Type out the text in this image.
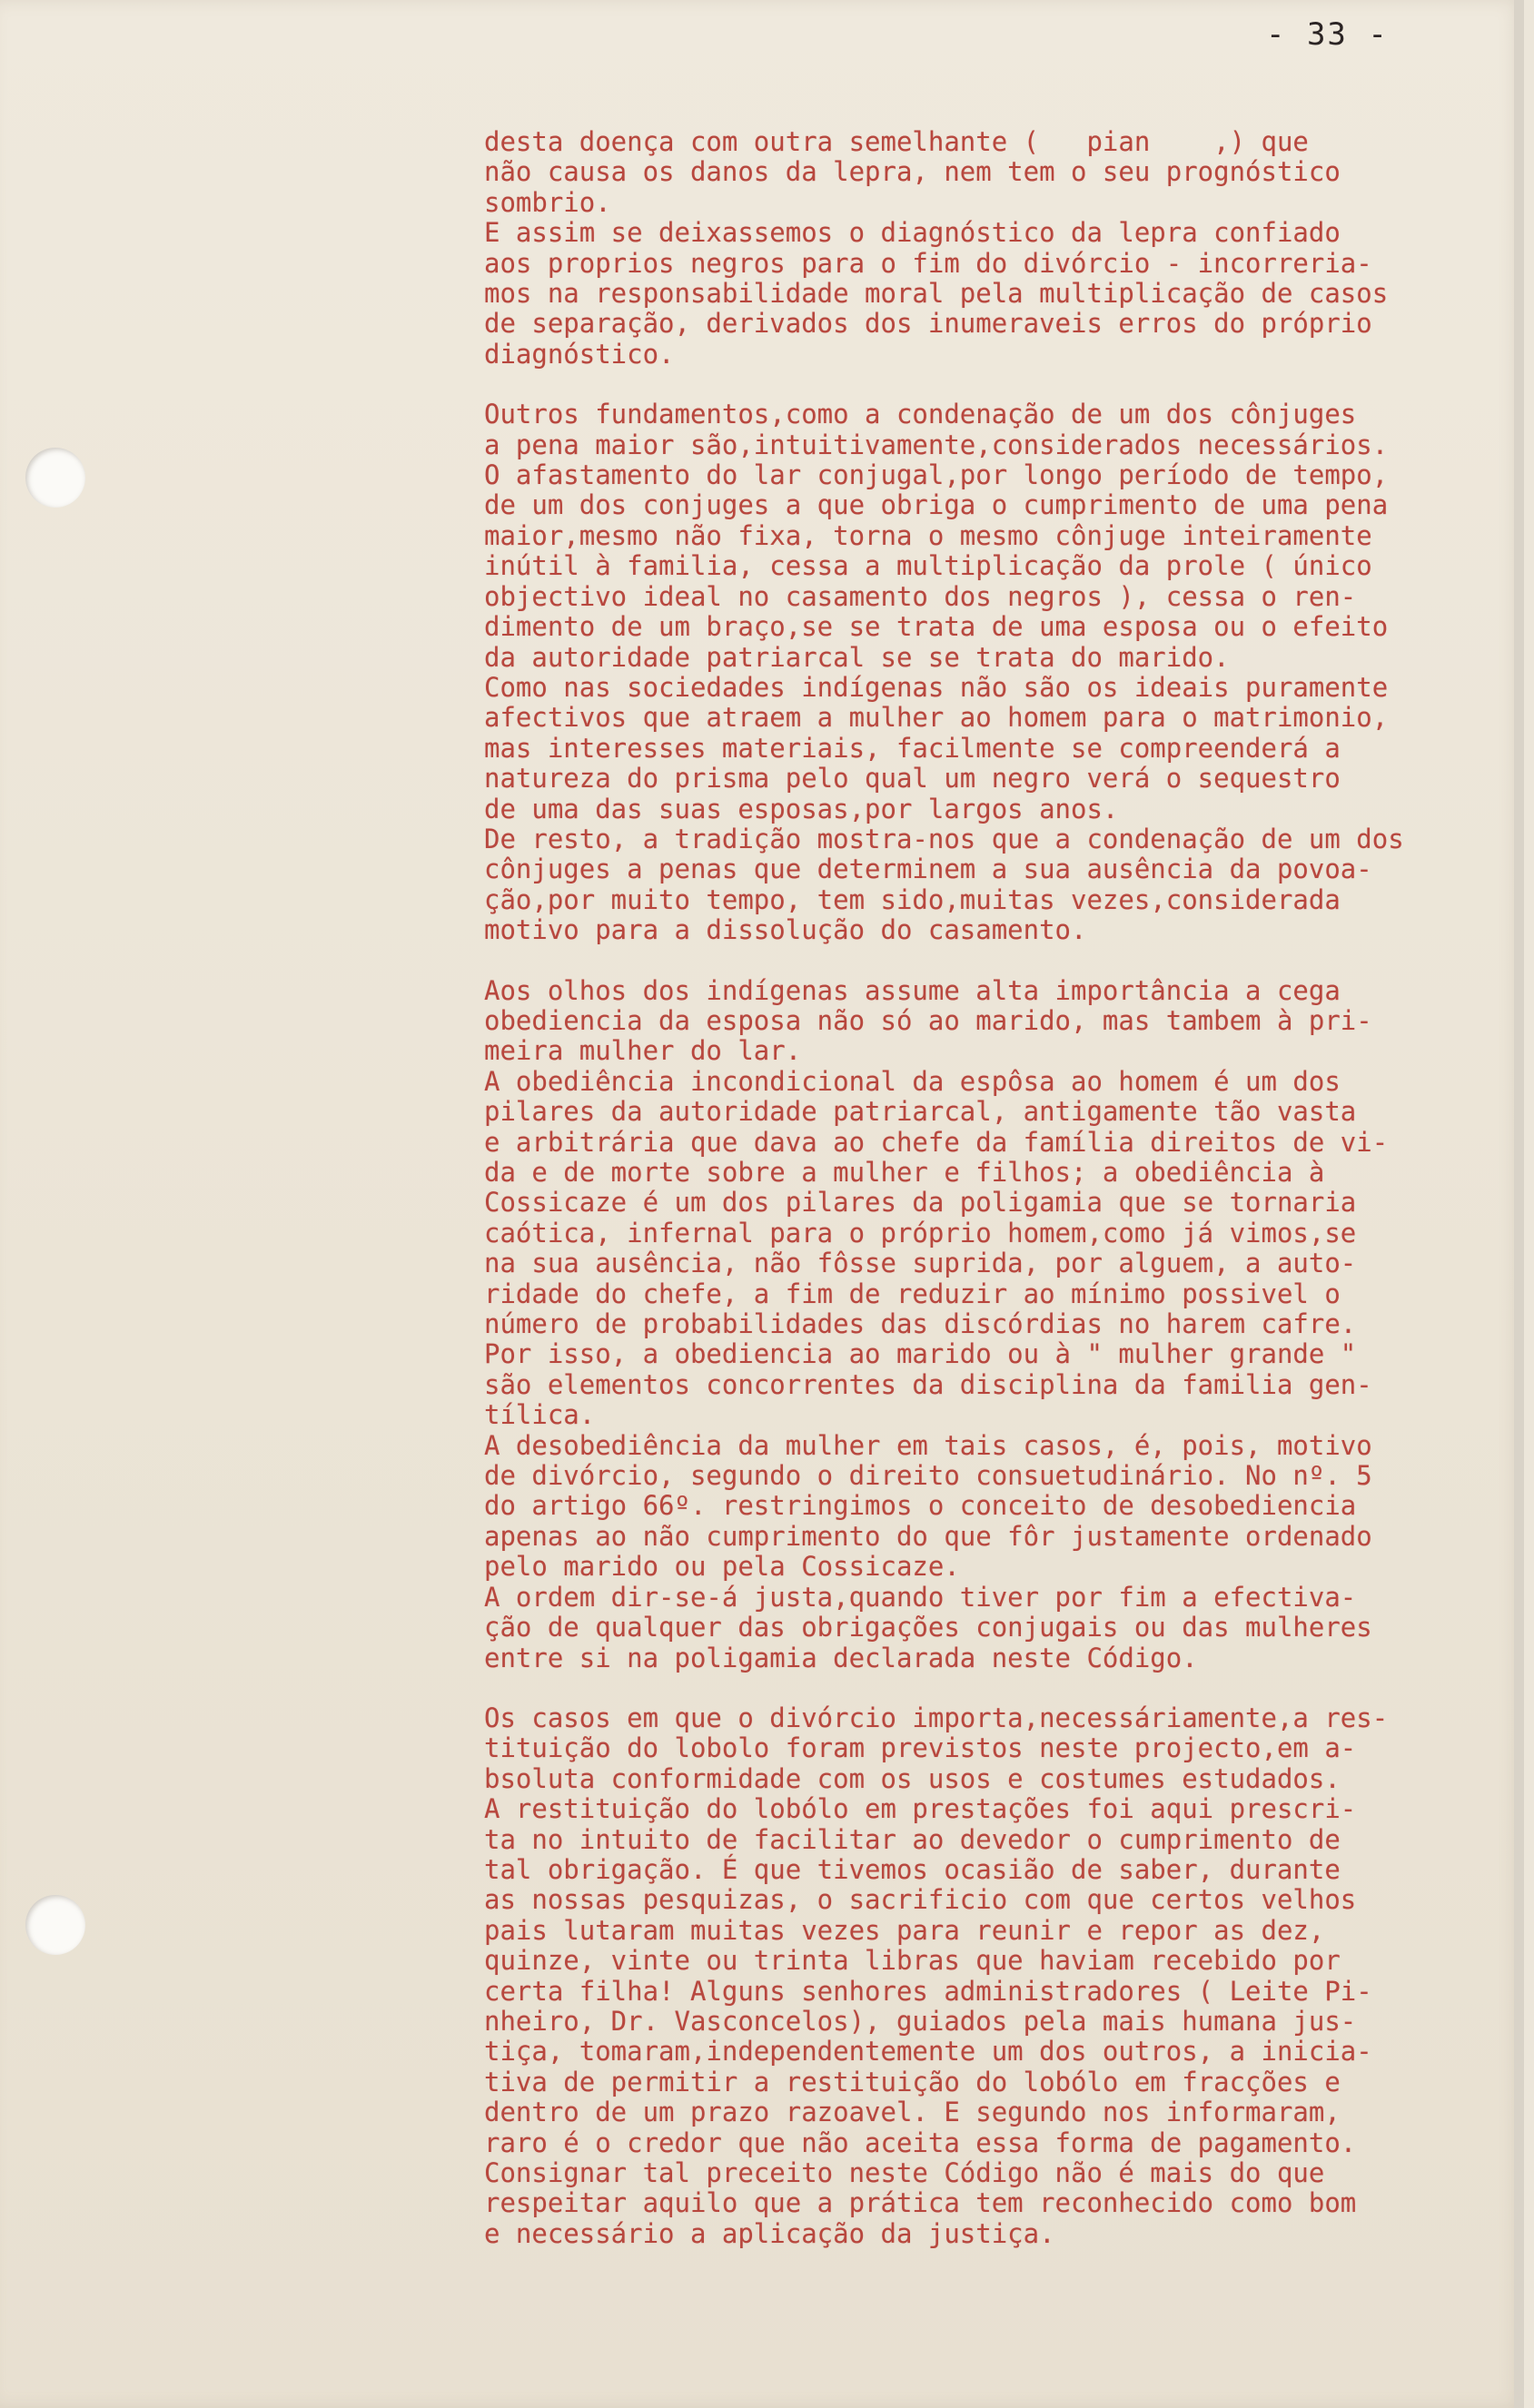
- 33 -

desta doença com outra semelhante (   pian    ,) que
não causa os danos da lepra, nem tem o seu prognóstico
sombrio.
E assim se deixassemos o diagnóstico da lepra confiado
aos proprios negros para o fim do divórcio - incorreria-
mos na responsabilidade moral pela multiplicação de casos
de separação, derivados dos inumeraveis erros do próprio
diagnóstico.

Outros fundamentos,como a condenação de um dos cônjuges
a pena maior são,intuitivamente,considerados necessários.
O afastamento do lar conjugal,por longo período de tempo,
de um dos conjuges a que obriga o cumprimento de uma pena
maior,mesmo não fixa, torna o mesmo cônjuge inteiramente
inútil à familia, cessa a multiplicação da prole ( único
objectivo ideal no casamento dos negros ), cessa o ren-
dimento de um braço,se se trata de uma esposa ou o efeito
da autoridade patriarcal se se trata do marido.
Como nas sociedades indígenas não são os ideais puramente
afectivos que atraem a mulher ao homem para o matrimonio,
mas interesses materiais, facilmente se compreenderá a
natureza do prisma pelo qual um negro verá o sequestro
de uma das suas esposas,por largos anos.
De resto, a tradição mostra-nos que a condenação de um dos
cônjuges a penas que determinem a sua ausência da povoa-
ção,por muito tempo, tem sido,muitas vezes,considerada
motivo para a dissolução do casamento.

Aos olhos dos indígenas assume alta importância a cega
obediencia da esposa não só ao marido, mas tambem à pri-
meira mulher do lar.
A obediência incondicional da espôsa ao homem é um dos
pilares da autoridade patriarcal, antigamente tão vasta
e arbitrária que dava ao chefe da família direitos de vi-
da e de morte sobre a mulher e filhos; a obediência à
Cossicaze é um dos pilares da poligamia que se tornaria
caótica, infernal para o próprio homem,como já vimos,se
na sua ausência, não fôsse suprida, por alguem, a auto-
ridade do chefe, a fim de reduzir ao mínimo possivel o
número de probabilidades das discórdias no harem cafre.
Por isso, a obediencia ao marido ou à " mulher grande "
são elementos concorrentes da disciplina da familia gen-
tílica.
A desobediência da mulher em tais casos, é, pois, motivo
de divórcio, segundo o direito consuetudinário. No nº. 5
do artigo 66º. restringimos o conceito de desobediencia
apenas ao não cumprimento do que fôr justamente ordenado
pelo marido ou pela Cossicaze.
A ordem dir-se-á justa,quando tiver por fim a efectiva-
ção de qualquer das obrigações conjugais ou das mulheres
entre si na poligamia declarada neste Código.

Os casos em que o divórcio importa,necessáriamente,a res-
tituição do lobolo foram previstos neste projecto,em a-
bsoluta conformidade com os usos e costumes estudados.
A restituição do lobólo em prestações foi aqui prescri-
ta no intuito de facilitar ao devedor o cumprimento de
tal obrigação. É que tivemos ocasião de saber, durante
as nossas pesquizas, o sacrificio com que certos velhos
pais lutaram muitas vezes para reunir e repor as dez,
quinze, vinte ou trinta libras que haviam recebido por
certa filha! Alguns senhores administradores ( Leite Pi-
nheiro, Dr. Vasconcelos), guiados pela mais humana jus-
tiça, tomaram,independentemente um dos outros, a inicia-
tiva de permitir a restituição do lobólo em fracções e
dentro de um prazo razoavel. E segundo nos informaram,
raro é o credor que não aceita essa forma de pagamento.
Consignar tal preceito neste Código não é mais do que
respeitar aquilo que a prática tem reconhecido como bom
e necessário a aplicação da justiça.
